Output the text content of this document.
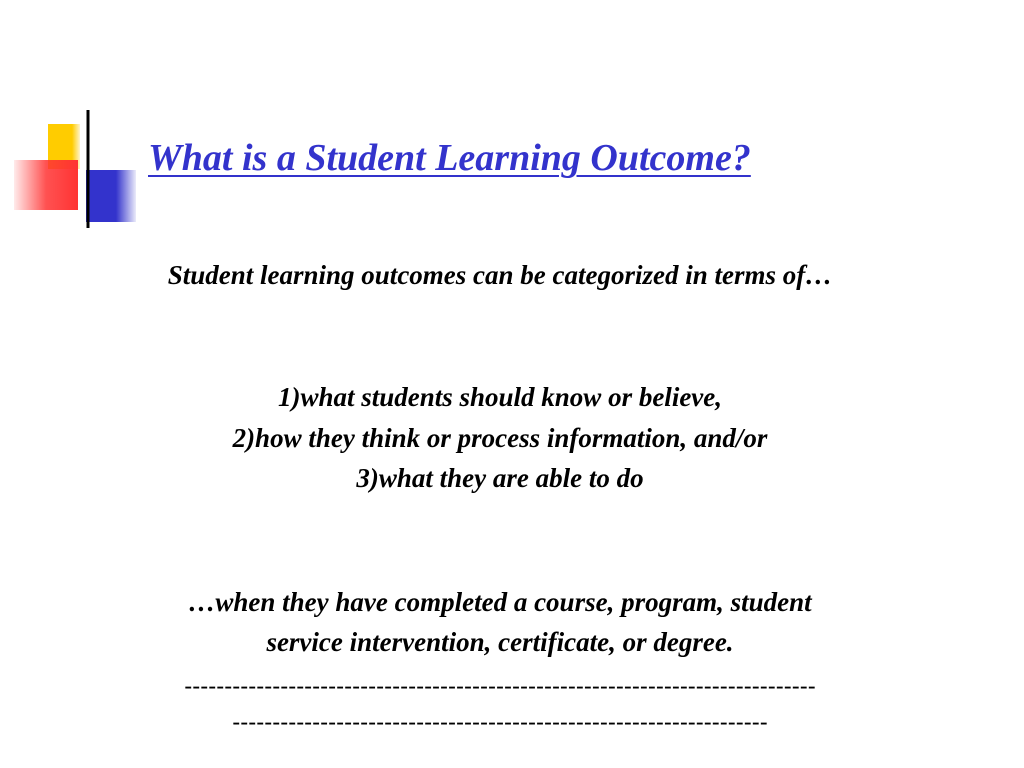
What is a Student Learning Outcome?

Student learning outcomes can be categorized in terms of…

1)what students should know or believe,
2)how they think or process information, and/or
3)what they are able to do
…when they have completed a course, program, student
service intervention, certificate, or degree.
-------------------------------------------------------------------------------
-------------------------------------------------------------------
